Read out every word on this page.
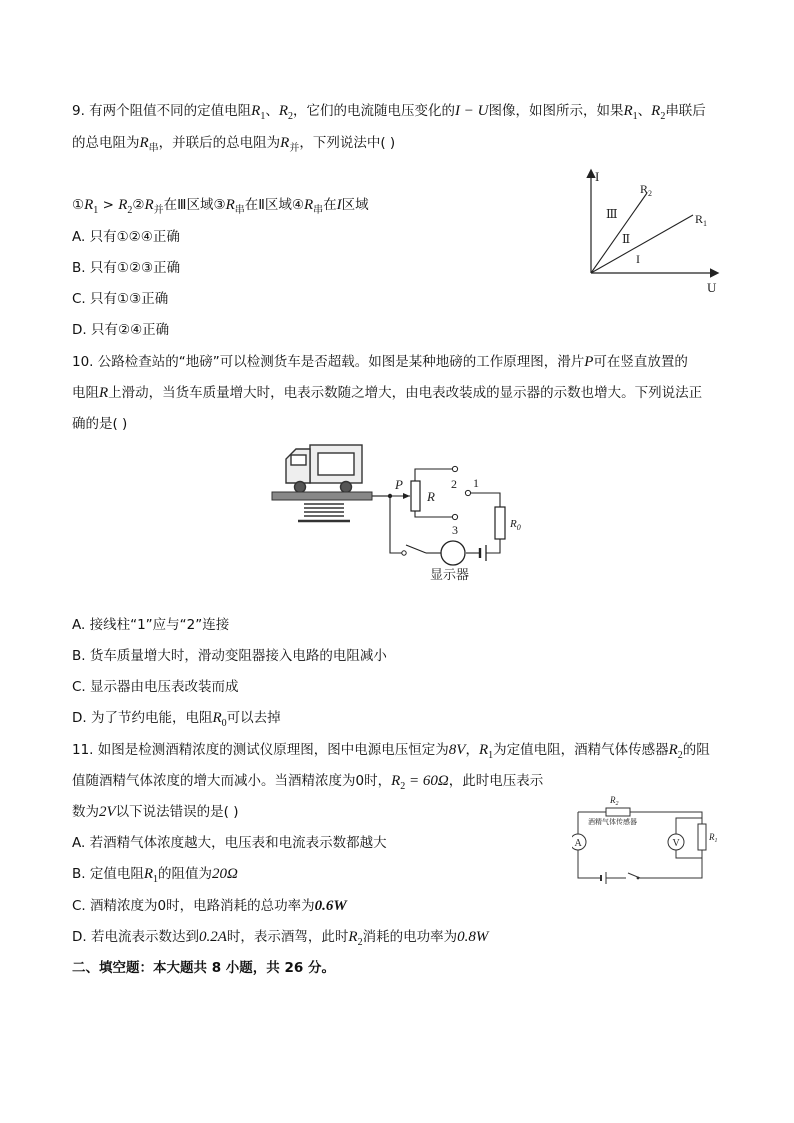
9. 有两个阻值不同的定值电阻$R_1$、$R_2$，它们的电流随电压变化的I − U图像，如图所示，如果$R_1$、$R_2$串联后
的总电阻为$R_串$，并联后的总电阻为$R_并$，下列说法中( )
$①R_1$ > $R_2②R_并$在Ⅲ区域$③R_串$在Ⅱ区域$④R_串$在I区域
A. 只有①②④正确
B. 只有①②③正确
C. 只有①③正确
D. 只有②④正确
I
U
$R_2$
$R_1$
Ⅲ
Ⅱ
I
10. 公路检查站的“地磅”可以检测货车是否超载。如图是某种地磅的工作原理图，滑片P可在竖直放置的
电阻R上滑动，当货车质量增大时，电表示数随之增大，由电表改装成的显示器的示数也增大。下列说法正
确的是( )
P
R
2 1
3	$R_0$
显示器
A. 接线柱“1”应与“2”连接
B. 货车质量增大时，滑动变阻器接入电路的电阻减小
C. 显示器由电压表改装而成
D. 为了节约电能，电阻$R_0$可以去掉
11. 如图是检测酒精浓度的测试仪原理图，图中电源电压恒定为8V，$R_1$为定值电阻，酒精气体传感器$R_2$的阻
值随酒精气体浓度的增大而减小。当酒精浓度为0时，$R_2 = 60\Omega$，此时电压表示
数为2V以下说法错误的是( )
A. 若酒精气体浓度越大，电压表和电流表示数都越大
B. 定值电阻$R_1$的阻值为20Ω
C. 酒精浓度为0时，电路消耗的总功率为0.6W
D. 若电流表示数达到0.2A时，表示酒驾，此时$R_2$消耗的电功率为0.8W
$R_2$
酒精气体传感器
$R_1$
A	V
二、填空题：本大题共 8 小题，共 26 分。
